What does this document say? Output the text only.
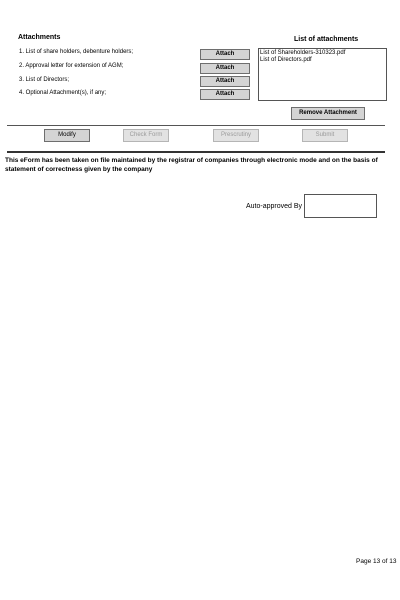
Attachments	List of attachments
1. List of share holders, debenture holders;
2. Approval letter for extension of AGM;
3. List of Directors;
4. Optional Attachment(s), if any;
Attach
Attach
Attach
Attach
List of Shareholders-310323.pdf
List of Directors.pdf
Remove Attachment
Modify	Check Form	Prescrutiny	Submit
This eForm has been taken on file maintained by the registrar of companies through electronic mode and on the basis of statement of correctness given by the company
Auto-approved By
Page 13 of 13
